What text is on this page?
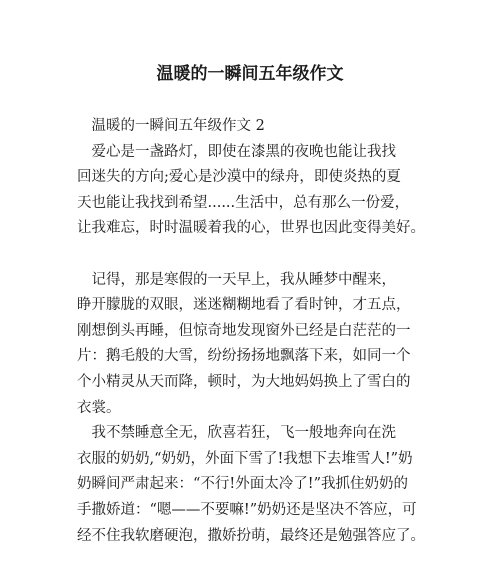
温暖的一瞬间五年级作文

　温暖的一瞬间五年级作文 2

　爱心是一盏路灯，即使在漆黑的夜晚也能让我找

回迷失的方向;爱心是沙漠中的绿舟，即使炎热的夏

天也能让我找到希望......生活中，总有那么一份爱，

让我难忘，时时温暖着我的心，世界也因此变得美好。

　记得，那是寒假的一天早上，我从睡梦中醒来，

睁开朦胧的双眼，迷迷糊糊地看了看时钟，才五点，

刚想倒头再睡，但惊奇地发现窗外已经是白茫茫的一

片：鹅毛般的大雪，纷纷扬扬地飘落下来，如同一个

个小精灵从天而降，顿时，为大地妈妈换上了雪白的

衣裳。

　我不禁睡意全无，欣喜若狂，飞一般地奔向在洗

衣服的奶奶,“奶奶，外面下雪了!我想下去堆雪人!”奶

奶瞬间严肃起来：“不行!外面太冷了!”我抓住奶奶的

手撒娇道：“嗯——不要嘛!”奶奶还是坚决不答应，可

经不住我软磨硬泡，撒娇扮萌，最终还是勉强答应了。
